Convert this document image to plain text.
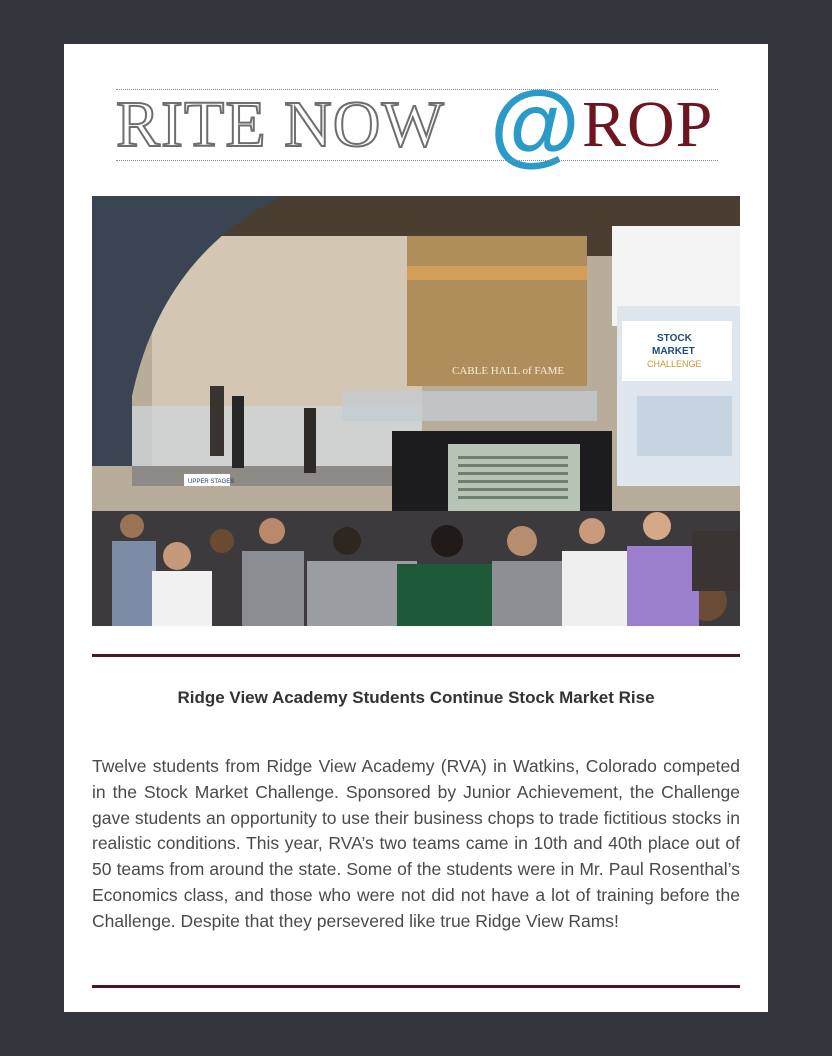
RITE NOW @ ROP
STOCK
MARKET
CHALLENGE
CABLE HALL of FAME
UPPER STAGES
Ridge View Academy Students Continue Stock Market Rise

Twelve students from Ridge View Academy (RVA) in Watkins, Colorado competed in the Stock Market Challenge. Sponsored by Junior Achievement, the Challenge gave students an opportunity to use their business chops to trade fictitious stocks in realistic conditions. This year, RVA’s two teams came in 10th and 40th place out of 50 teams from around the state. Some of the students were in Mr. Paul Rosenthal’s Economics class, and those who were not did not have a lot of training before the Challenge. Despite that they persevered like true Ridge View Rams!
